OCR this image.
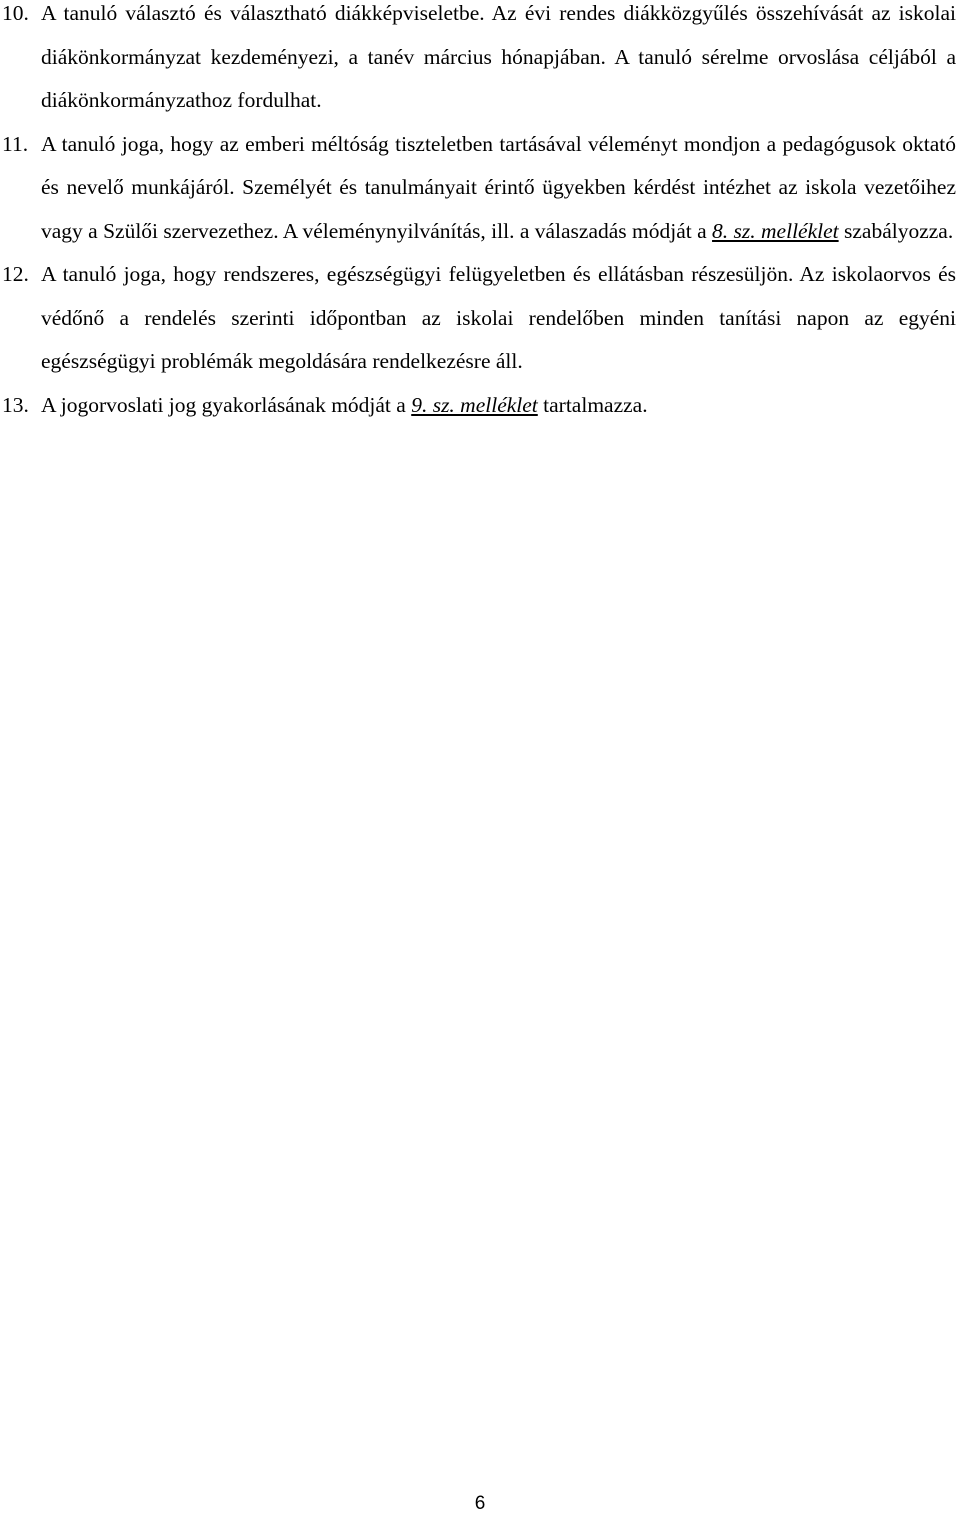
10. A tanuló választó és választható diákképviseletbe. Az évi rendes diákközgyűlés összehívását az iskolai diákönkormányzat kezdeményezi, a tanév március hónapjában. A tanuló sérelme orvoslása céljából a diákönkormányzathoz fordulhat.
11. A tanuló joga, hogy az emberi méltóság tiszteletben tartásával véleményt mondjon a pedagógusok oktató és nevelő munkájáról. Személyét és tanulmányait érintő ügyekben kérdést intézhet az iskola vezetőihez vagy a Szülői szervezethez. A véleménynyilvánítás, ill. a válaszadás módját a 8. sz. melléklet szabályozza.
12. A tanuló joga, hogy rendszeres, egészségügyi felügyeletben és ellátásban részesüljön. Az iskolaorvos és védőnő a rendelés szerinti időpontban az iskolai rendelőben minden tanítási napon az egyéni egészségügyi problémák megoldására rendelkezésre áll.
13. A jogorvoslati jog gyakorlásának módját a 9. sz. melléklet tartalmazza.
6
